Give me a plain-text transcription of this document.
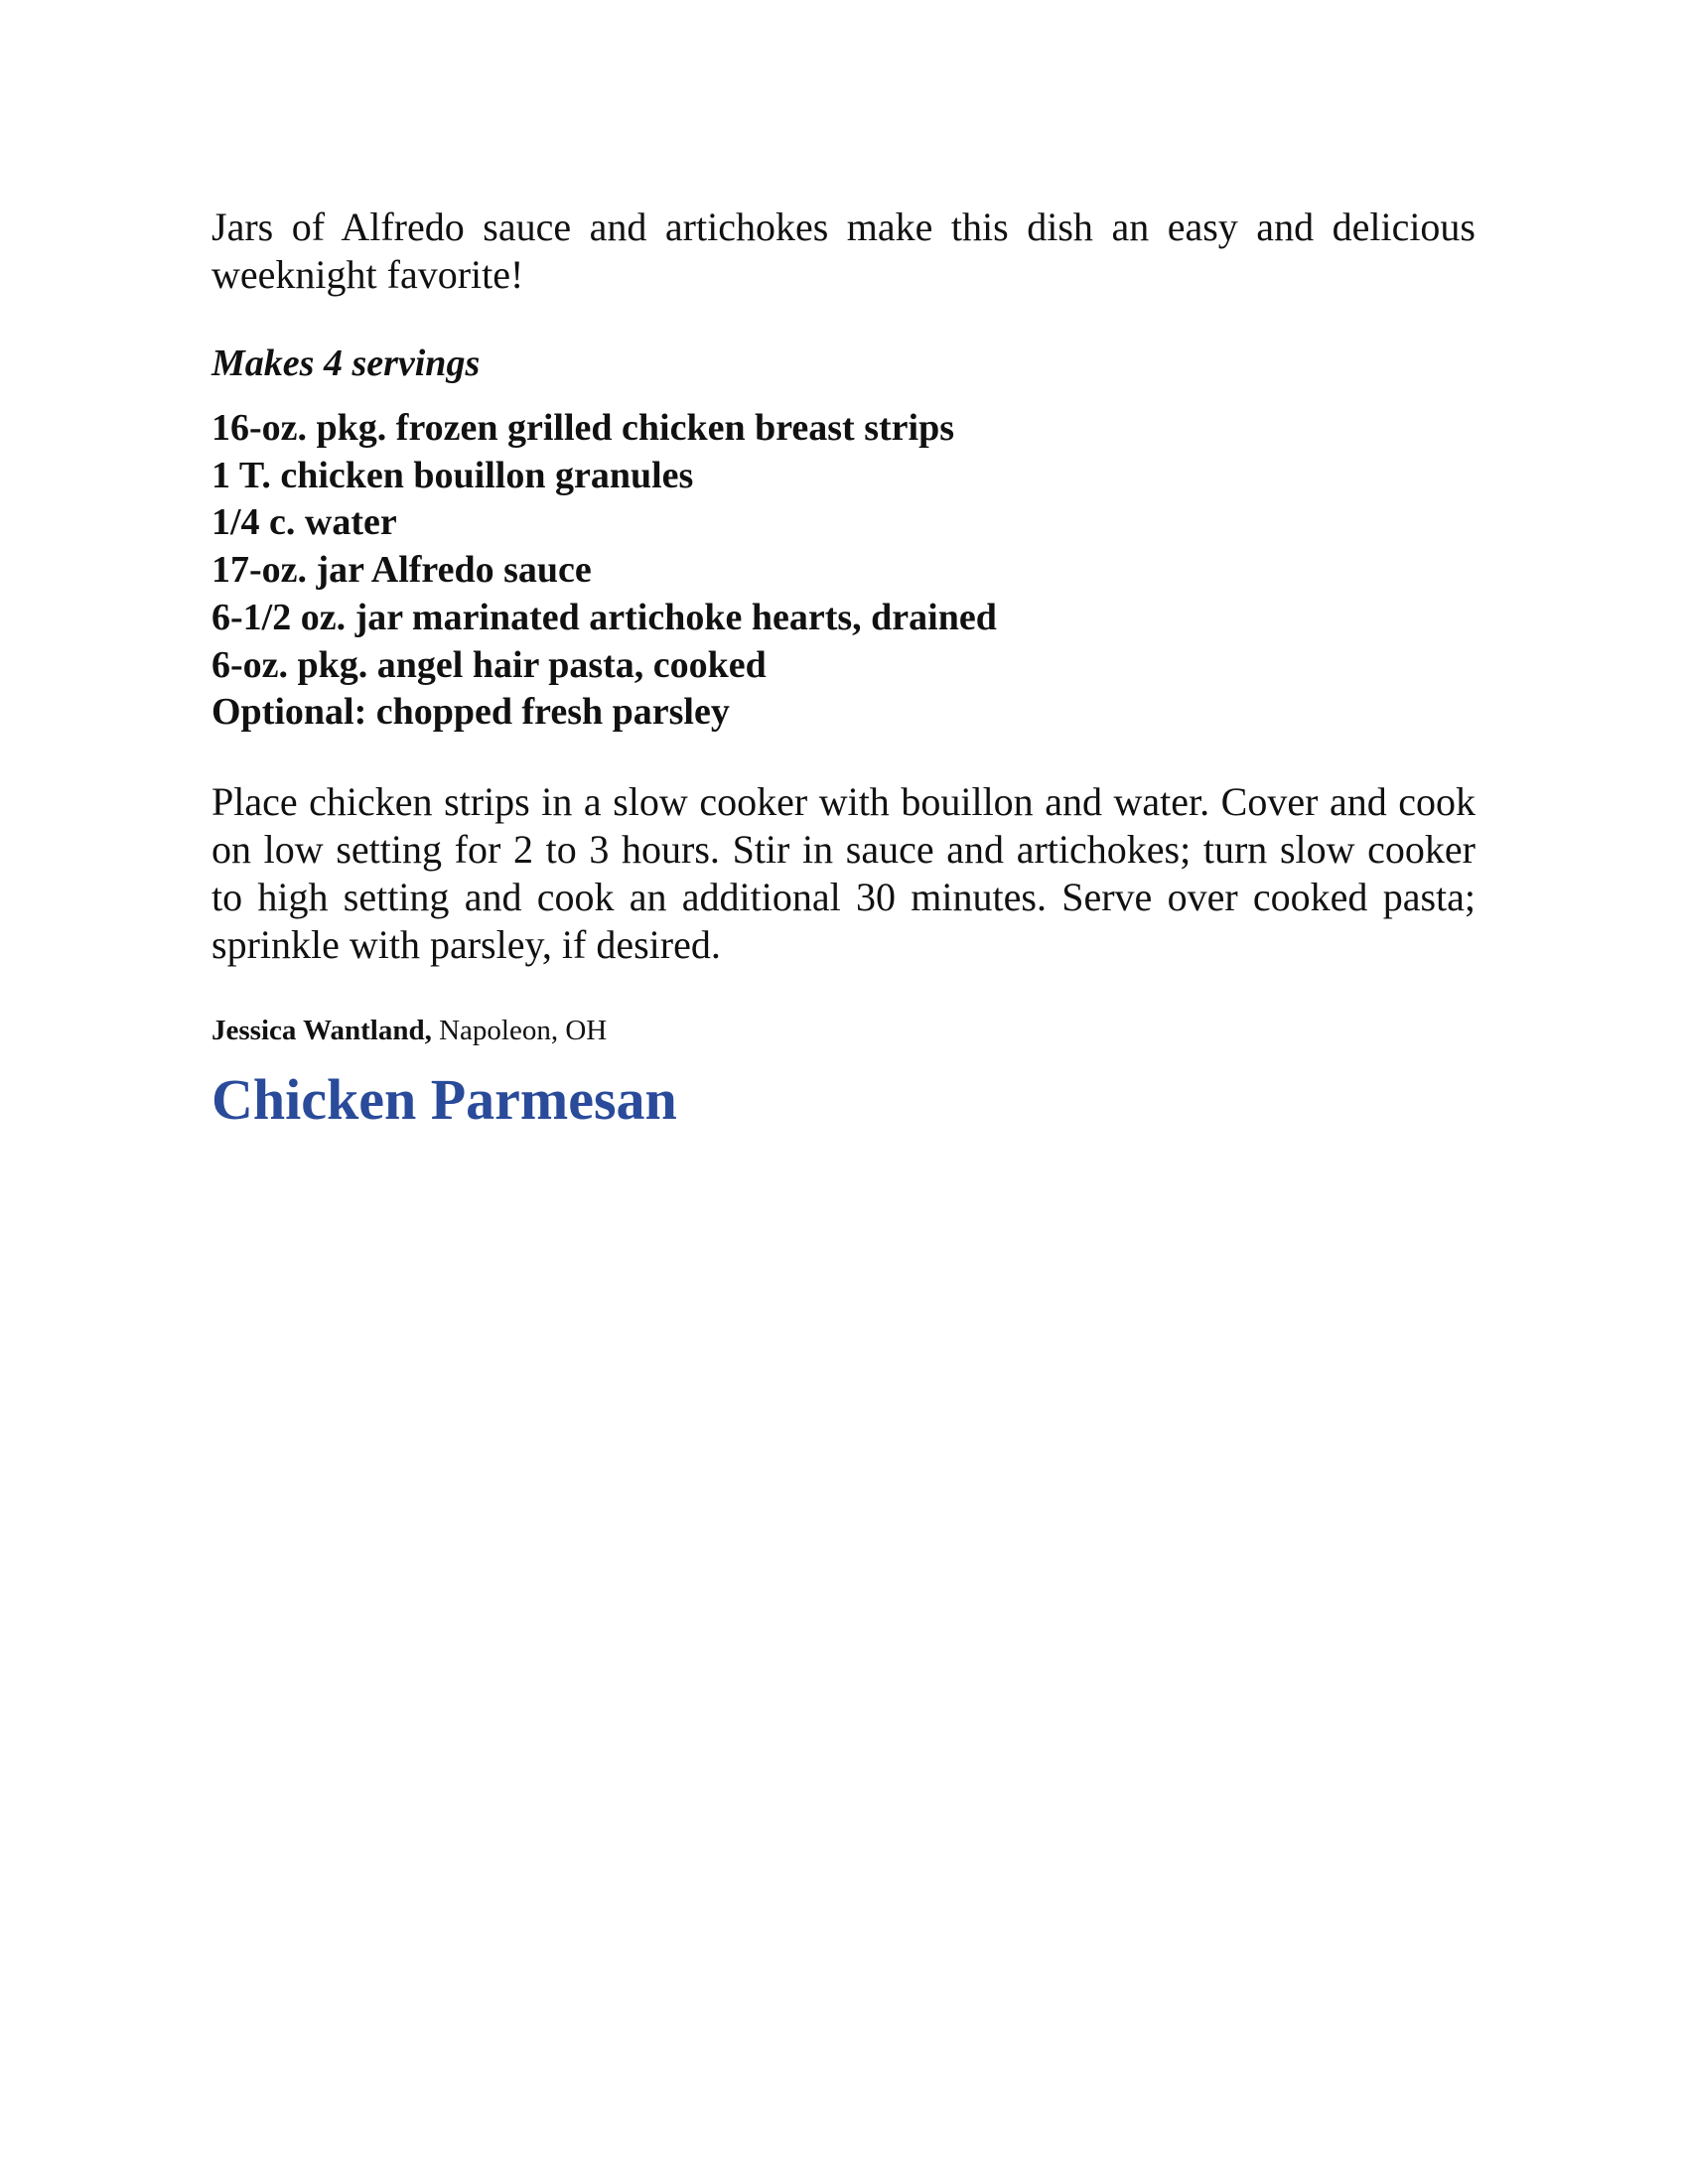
Jars of Alfredo sauce and artichokes make this dish an easy and delicious weeknight favorite!

Makes 4 servings

16-oz. pkg. frozen grilled chicken breast strips
1 T. chicken bouillon granules
1/4 c. water
17-oz. jar Alfredo sauce
6-1/2 oz. jar marinated artichoke hearts, drained
6-oz. pkg. angel hair pasta, cooked
Optional: chopped fresh parsley

Place chicken strips in a slow cooker with bouillon and water. Cover and cook on low setting for 2 to 3 hours. Stir in sauce and artichokes; turn slow cooker to high setting and cook an additional 30 minutes. Serve over cooked pasta; sprinkle with parsley, if desired.

Jessica Wantland, Napoleon, OH

Chicken Parmesan
